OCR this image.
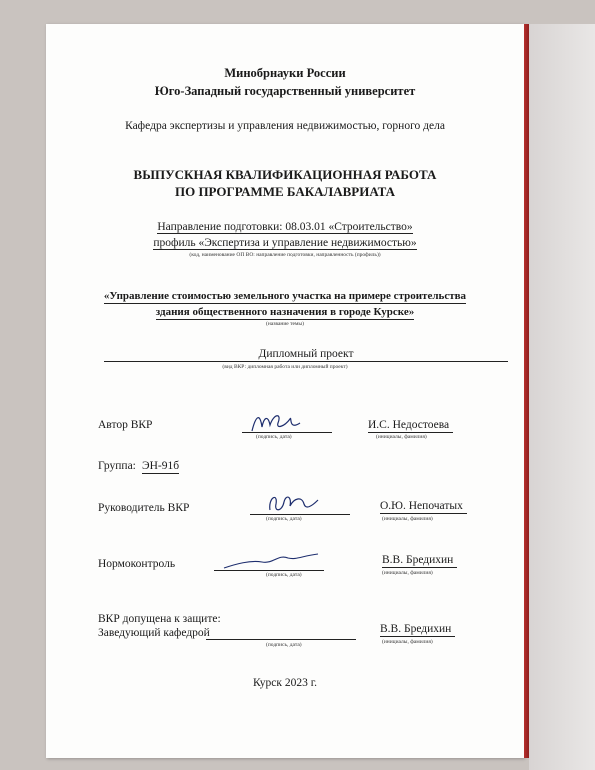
Минобрнауки России
Юго-Западный государственный университет
Кафедра экспертизы и управления недвижимостью, горного дела
ВЫПУСКНАЯ КВАЛИФИКАЦИОННАЯ РАБОТА
ПО ПРОГРАММЕ БАКАЛАВРИАТА
Направление подготовки: 08.03.01 «Строительство»
профиль «Экспертиза и управление недвижимостью»
(код, наименование ОП ВО: направление подготовки, направленность (профиль))
«Управление стоимостью земельного участка на примере строительства
здания общественного назначения в городе Курске»
(название темы)
Дипломный проект
(вид ВКР: дипломная работа или дипломный проект)
Автор ВКР
(подпись, дата)
И.С. Недостоева
(инициалы, фамилия)
Группа: ЭН-91б
Руководитель ВКР
(подпись, дата)
О.Ю. Непочатых
(инициалы, фамилия)
Нормоконтроль
(подпись, дата)
В.В. Бредихин
(инициалы, фамилия)
ВКР допущена к защите:
Заведующий кафедрой
(подпись, дата)
В.В. Бредихин
(инициалы, фамилия)
Курск 2023 г.
